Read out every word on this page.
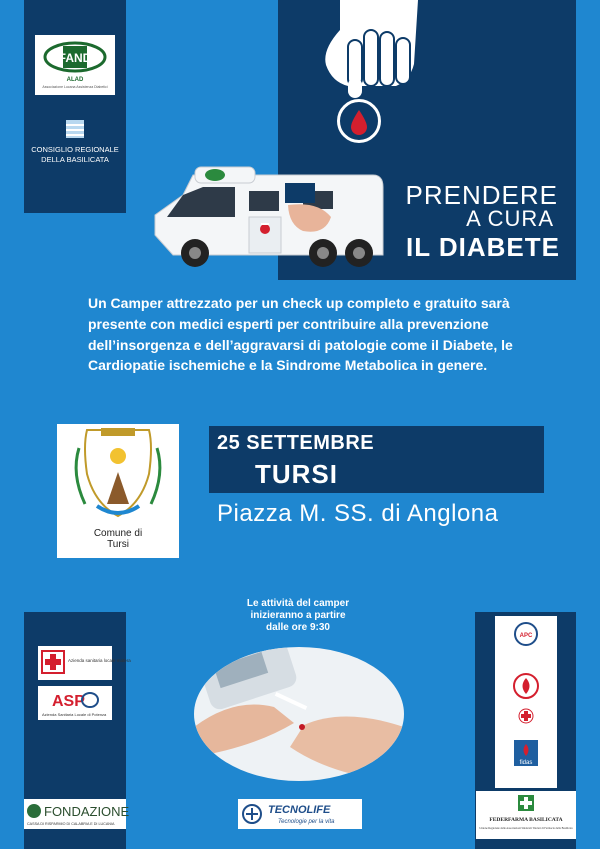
FAND
ALAD
Associazione Lucana Assistenza Diabetici
CONSIGLIO REGIONALE
DELLA BASILICATA
PRENDERE
A CURA
IL DIABETE
Un Camper attrezzato per un check up completo e gratuito sarà presente con medici esperti per contribuire alla prevenzione dell’insorgenza e dell’aggravarsi di patologie come il Diabete, le Cardiopatie ischemiche e la Sindrome Metabolica in genere.
Comune di
Tursi
25 SETTEMBRE
TURSI
Piazza M. SS. di Anglona
Le attività del camper
inizieranno a partire
dalle ore 9:30
Azienda sanitaria locale matera
ASP
Azienda Sanitaria Locale di Potenza
FONDAZIONE
CASSA DI RISPARMIO DI CALABRIA E DI LUCANIA
TECNOLIFE
Tecnologie per la vita
APC
fidas
FEDERFARMA BASILICATA
Unione Regionale delle Associazioni Sindacali Titolari di Farmacia della Basilicata
